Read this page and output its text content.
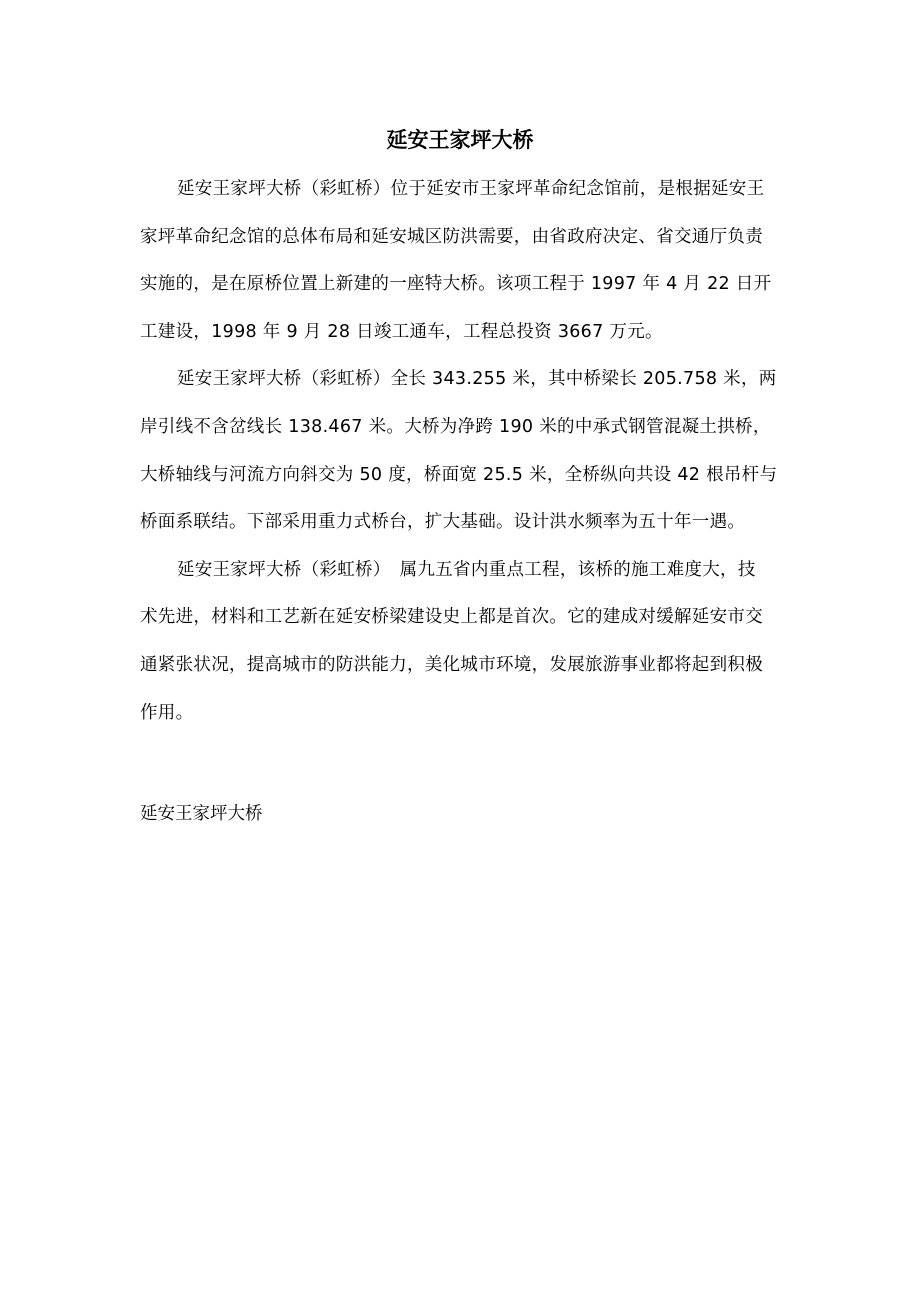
延安王家坪大桥
延安王家坪大桥（彩虹桥）位于延安市王家坪革命纪念馆前，是根据延安王
家坪革命纪念馆的总体布局和延安城区防洪需要，由省政府决定、省交通厅负责
实施的，是在原桥位置上新建的一座特大桥。该项工程于 1997 年 4 月 22 日开
工建设，1998 年 9 月 28 日竣工通车，工程总投资 3667 万元。
延安王家坪大桥（彩虹桥）全长 343.255 米，其中桥梁长 205.758 米，两
岸引线不含岔线长 138.467 米。大桥为净跨 190 米的中承式钢管混凝土拱桥，
大桥轴线与河流方向斜交为 50 度，桥面宽 25.5 米，全桥纵向共设 42 根吊杆与
桥面系联结。下部采用重力式桥台，扩大基础。设计洪水频率为五十年一遇。
延安王家坪大桥（彩虹桥）　属九五省内重点工程，该桥的施工难度大，技
术先进，材料和工艺新在延安桥梁建设史上都是首次。它的建成对缓解延安市交
通紧张状况，提高城市的防洪能力，美化城市环境，发展旅游事业都将起到积极
作用。
延安王家坪大桥
